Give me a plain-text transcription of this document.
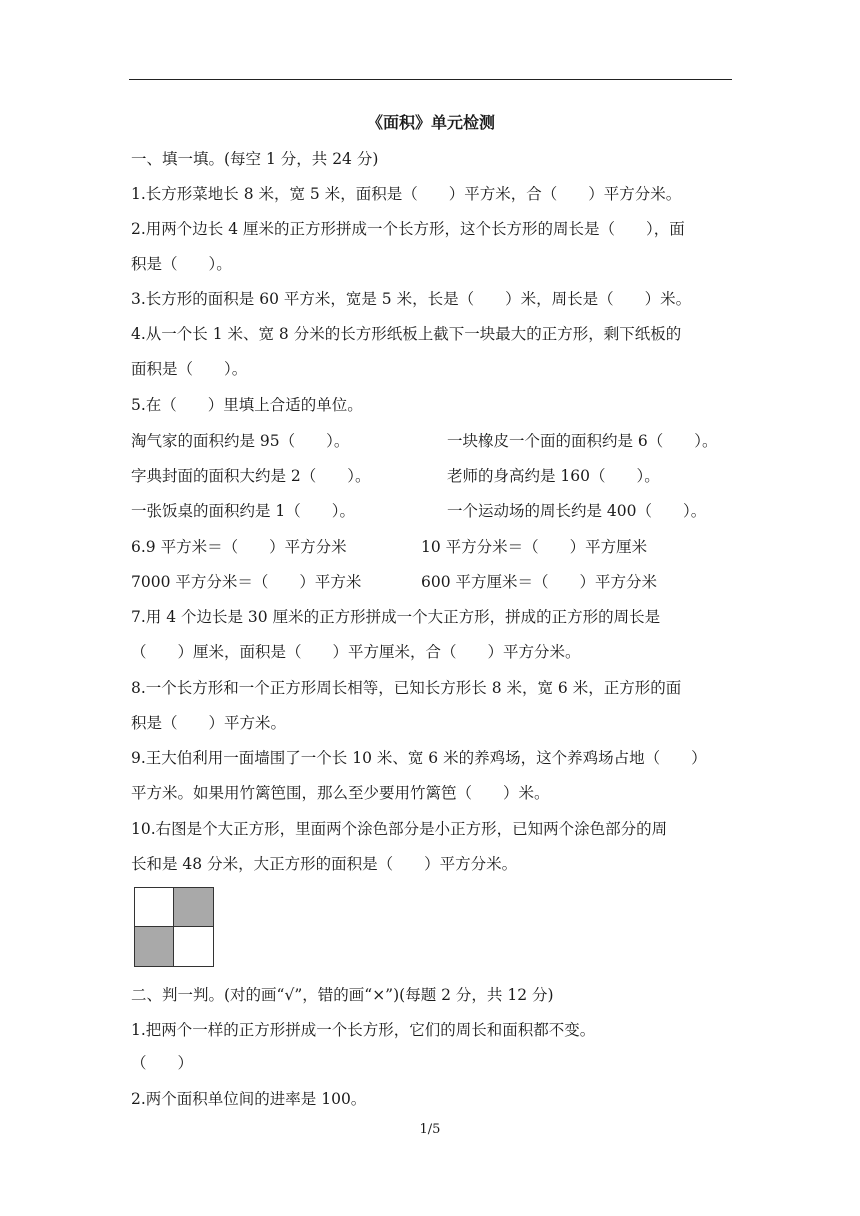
《面积》单元检测
一、填一填。(每空 1 分，共 24 分)
1.长方形菜地长 8 米，宽 5 米，面积是（　　）平方米，合（　　）平方分米。
2.用两个边长 4 厘米的正方形拼成一个长方形，这个长方形的周长是（　　），面
积是（　　）。
3.长方形的面积是 60 平方米，宽是 5 米，长是（　　）米，周长是（　　）米。
4.从一个长 1 米、宽 8 分米的长方形纸板上截下一块最大的正方形，剩下纸板的
面积是（　　）。
5.在（　　）里填上合适的单位。
淘气家的面积约是 95（　　）。	一块橡皮一个面的面积约是 6（　　）。
字典封面的面积大约是 2（　　）。	老师的身高约是 160（　　）。
一张饭桌的面积约是 1（　　）。	一个运动场的周长约是 400（　　）。
6.9 平方米＝（　　）平方分米	10 平方分米＝（　　）平方厘米
7000 平方分米＝（　　）平方米	600 平方厘米＝（　　）平方分米
7.用 4 个边长是 30 厘米的正方形拼成一个大正方形，拼成的正方形的周长是
（　　）厘米，面积是（　　）平方厘米，合（　　）平方分米。
8.一个长方形和一个正方形周长相等，已知长方形长 8 米，宽 6 米，正方形的面
积是（　　）平方米。
9.王大伯利用一面墙围了一个长 10 米、宽 6 米的养鸡场，这个养鸡场占地（　　）
平方米。如果用竹篱笆围，那么至少要用竹篱笆（　　）米。
10.右图是个大正方形，里面两个涂色部分是小正方形，已知两个涂色部分的周
长和是 48 分米，大正方形的面积是（　　）平方分米。
二、判一判。(对的画“√”，错的画“×”)(每题 2 分，共 12 分)
1.把两个一样的正方形拼成一个长方形，它们的周长和面积都不变。
（　　）
2.两个面积单位间的进率是 100。
1/5
